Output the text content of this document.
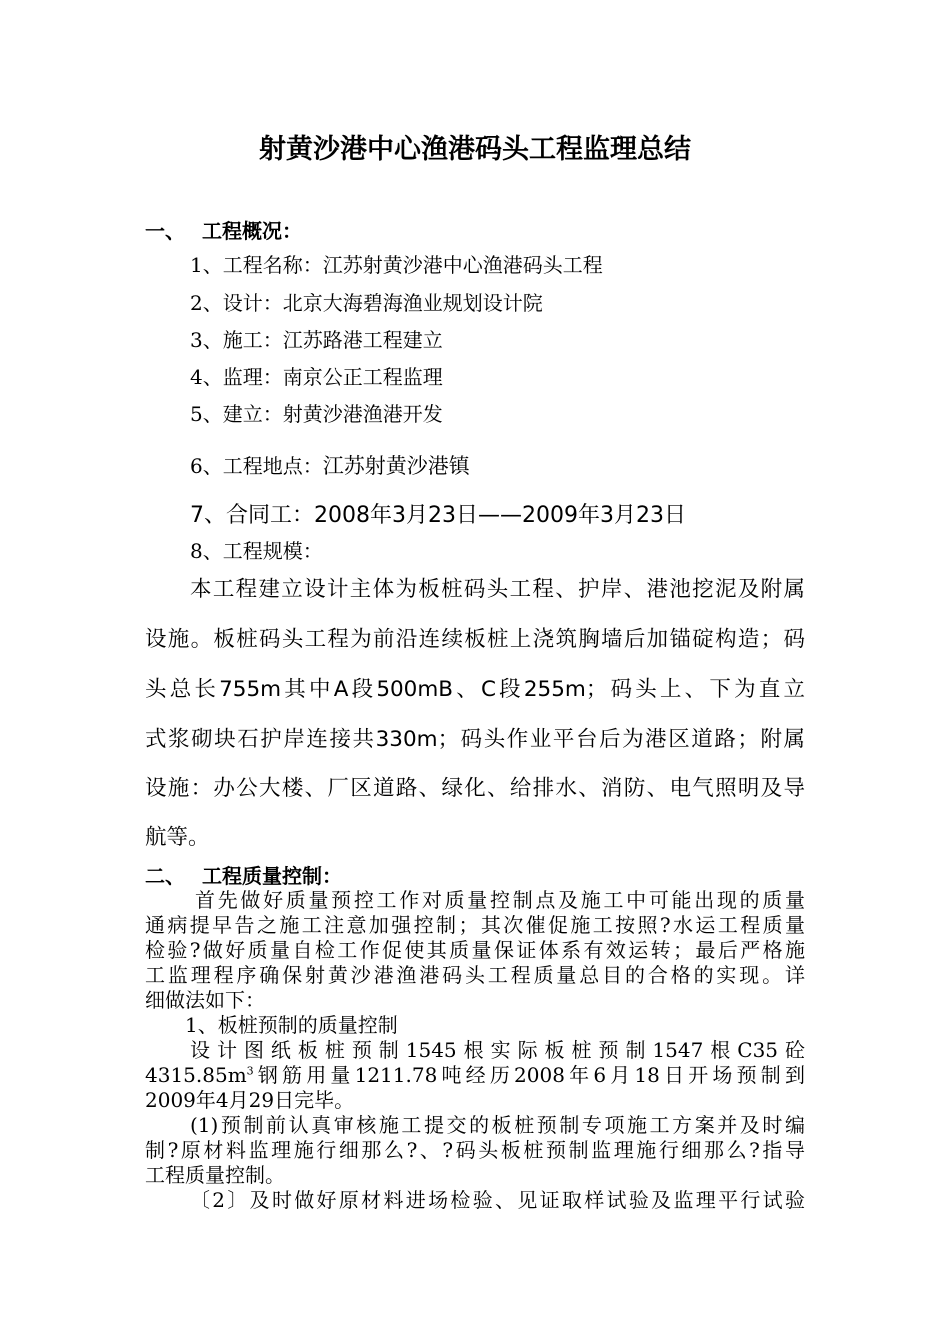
射黄沙港中心渔港码头工程监理总结
一、 工程概况：
1、工程名称：江苏射黄沙港中心渔港码头工程
2、设计：北京大海碧海渔业规划设计院
3、施工：江苏路港工程建立
4、监理：南京公正工程监理
5、建立：射黄沙港渔港开发
6、工程地点：江苏射黄沙港镇
7、合同工：2008年3月23日——2009年3月23日
8、工程规模：
本工程建立设计主体为板桩码头工程、护岸、港池挖泥及附属
设施。板桩码头工程为前沿连续板桩上浇筑胸墙后加锚碇构造；码
头总长755m其中A段500mB、C段255m；码头上、下为直立
式浆砌块石护岸连接共330m；码头作业平台后为港区道路；附属
设施：办公大楼、厂区道路、绿化、给排水、消防、电气照明及导
航等。
二、 工程质量控制：
首先做好质量预控工作对质量控制点及施工中可能出现的质量
通病提早告之施工注意加强控制；其次催促施工按照?水运工程质量
检验?做好质量自检工作促使其质量保证体系有效运转；最后严格施
工监理程序确保射黄沙港渔港码头工程质量总目的合格的实现。详
细做法如下：
1、板桩预制的质量控制
设计图纸板桩预制1545根实际板桩预制1547根C35砼
$4315.85m^3$钢筋用量1211.78吨经历2008年6月18日开场预制到
2009年4月29日完毕。
(1)预制前认真审核施工提交的板桩预制专项施工方案并及时编
制?原材料监理施行细那么?、?码头板桩预制监理施行细那么?指导
工程质量控制。
〔2〕及时做好原材料进场检验、见证取样试验及监理平行试验
